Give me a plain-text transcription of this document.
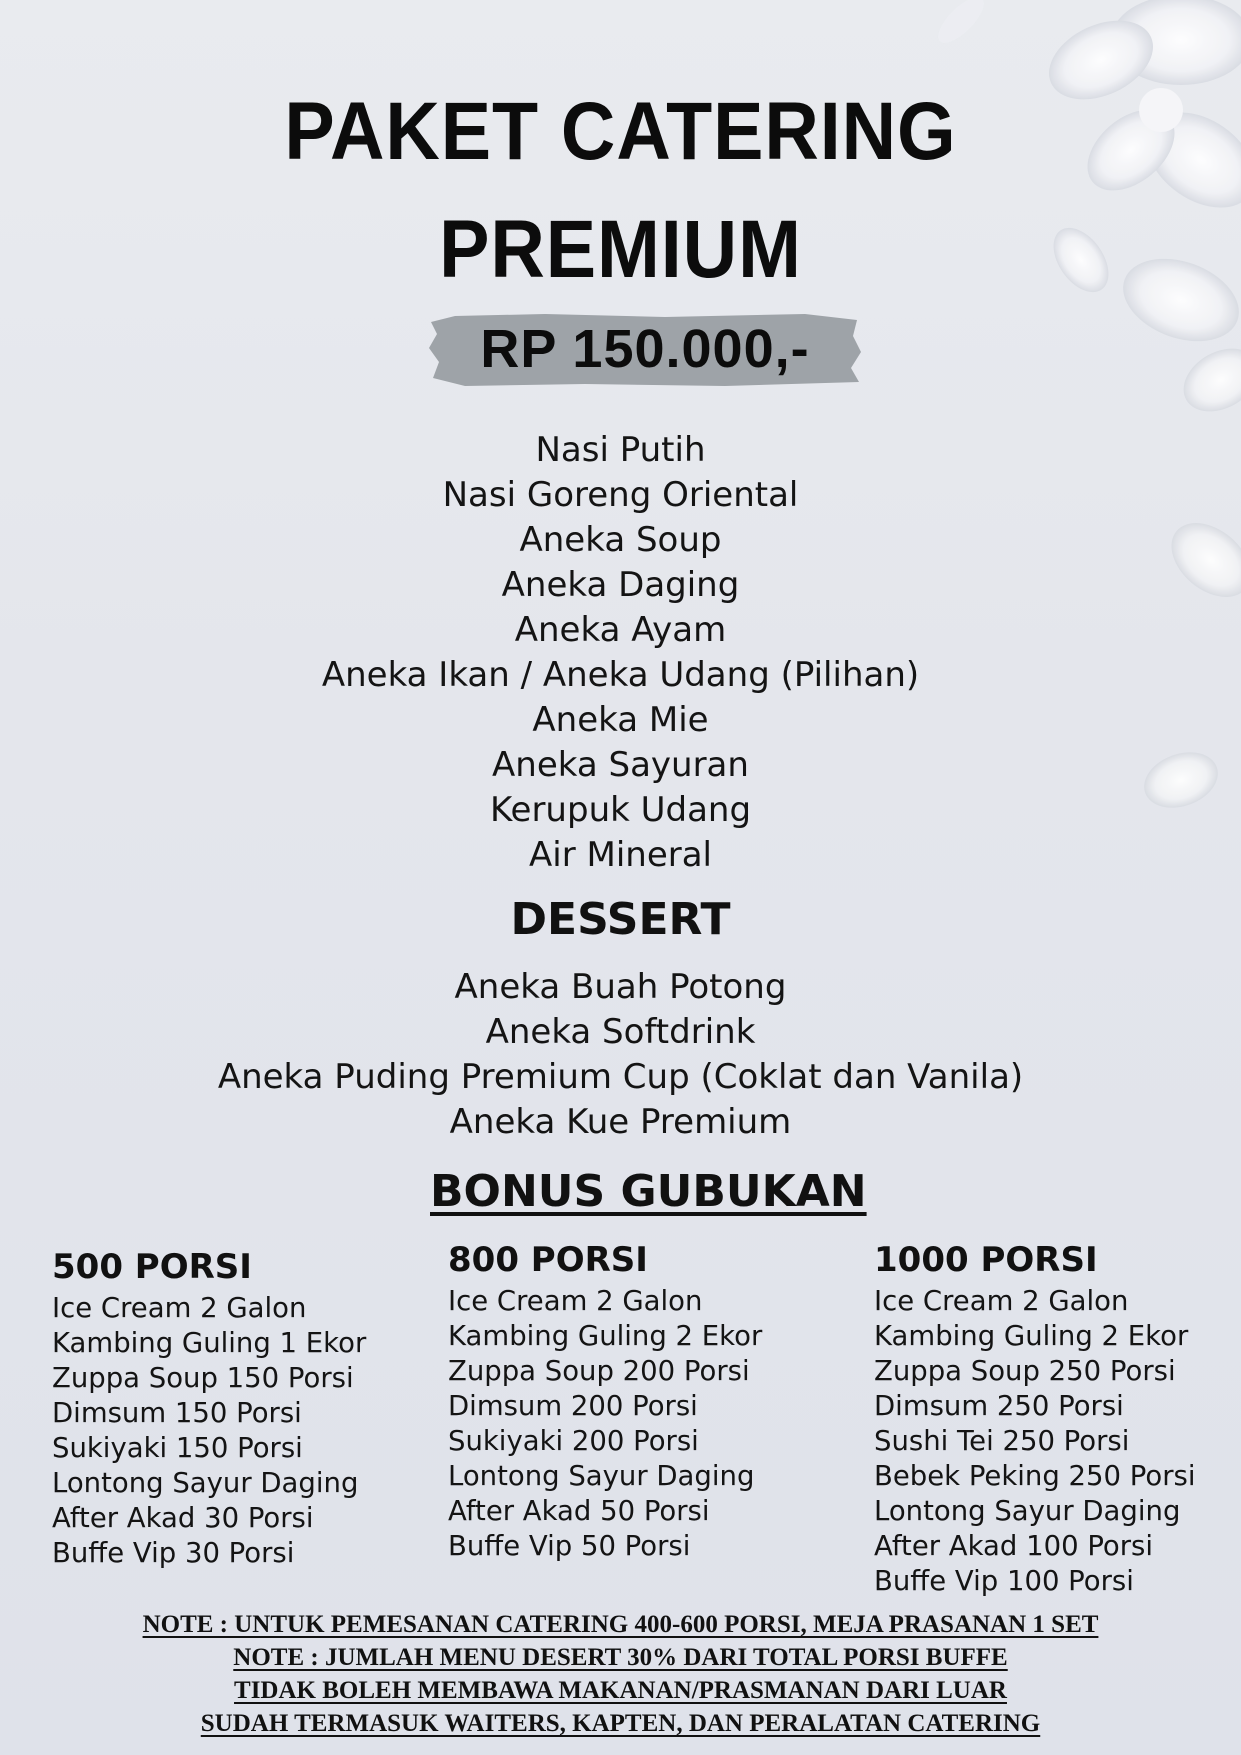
PAKET CATERING
PREMIUM
RP 150.000,-
Nasi Putih
Nasi Goreng Oriental
Aneka Soup
Aneka Daging
Aneka Ayam
Aneka Ikan / Aneka Udang (Pilihan)
Aneka Mie
Aneka Sayuran
Kerupuk Udang
Air Mineral
DESSERT
Aneka Buah Potong
Aneka Softdrink
Aneka Puding Premium Cup (Coklat dan Vanila)
Aneka Kue Premium
BONUS GUBUKAN
500 PORSI
Ice Cream 2 Galon
Kambing Guling 1 Ekor
Zuppa Soup 150 Porsi
Dimsum 150 Porsi
Sukiyaki 150 Porsi
Lontong Sayur Daging
After Akad 30 Porsi
Buffe Vip 30 Porsi
800 PORSI
Ice Cream 2 Galon
Kambing Guling 2 Ekor
Zuppa Soup 200 Porsi
Dimsum 200 Porsi
Sukiyaki 200 Porsi
Lontong Sayur Daging
After Akad 50 Porsi
Buffe Vip 50 Porsi
1000 PORSI
Ice Cream 2 Galon
Kambing Guling 2 Ekor
Zuppa Soup 250 Porsi
Dimsum 250 Porsi
Sushi Tei 250 Porsi
Bebek Peking 250 Porsi
Lontong Sayur Daging
After Akad 100 Porsi
Buffe Vip 100 Porsi
NOTE : UNTUK PEMESANAN CATERING 400-600 PORSI, MEJA PRASANAN 1 SET
NOTE : JUMLAH MENU DESERT 30% DARI TOTAL PORSI BUFFE
TIDAK BOLEH MEMBAWA MAKANAN/PRASMANAN DARI LUAR
SUDAH TERMASUK WAITERS, KAPTEN, DAN PERALATAN CATERING
